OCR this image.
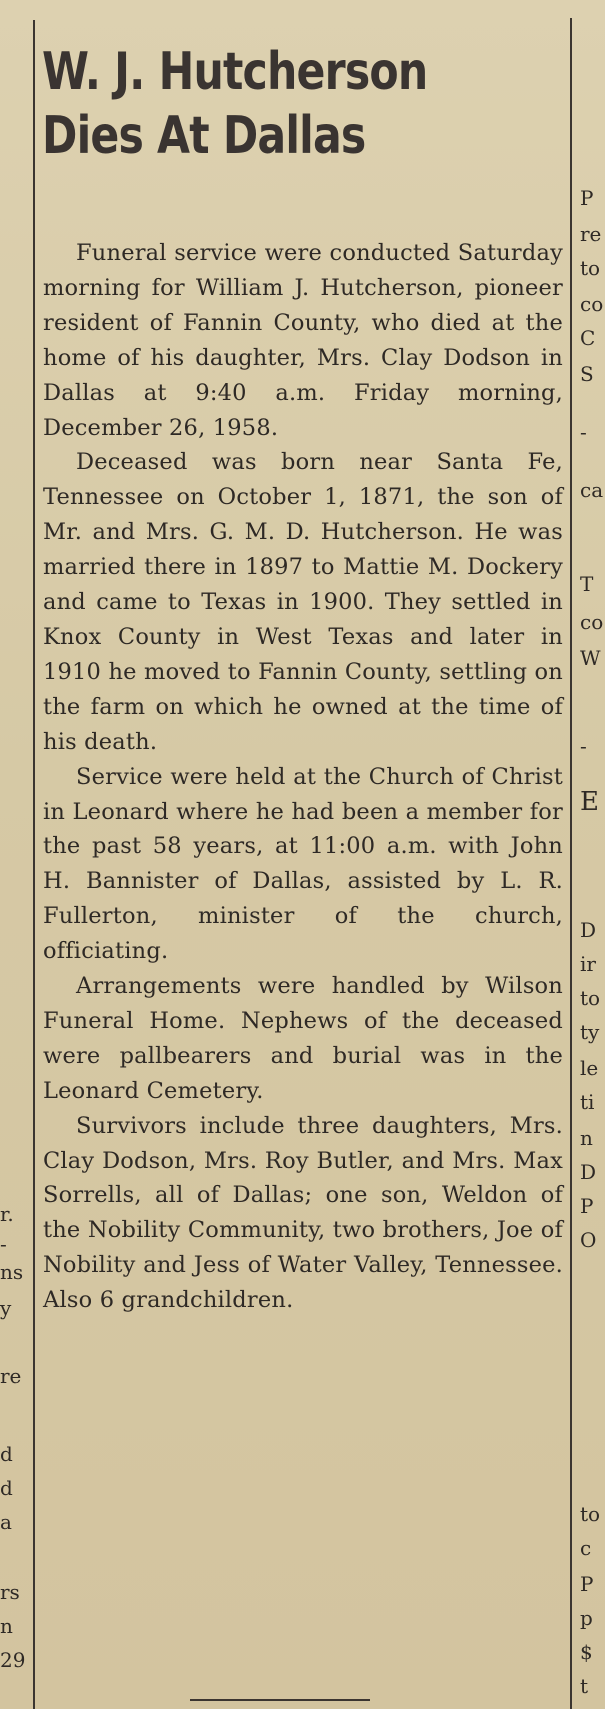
W. J. Hutcherson
Dies At Dallas

Funeral service were conducted Saturday morning for William J. Hutcherson, pioneer resident of Fannin County, who died at the home of his daughter, Mrs. Clay Dodson in Dallas at 9:40 a.m. Friday morning, December 26, 1958.

Deceased was born near Santa Fe, Tennessee on October 1, 1871, the son of Mr. and Mrs. G. M. D. Hutcherson. He was married there in 1897 to Mattie M. Dockery and came to Texas in 1900. They settled in Knox County in West Texas and later in 1910 he moved to Fannin County, settling on the farm on which he owned at the time of his death.

Service were held at the Church of Christ in Leonard where he had been a member for the past 58 years, at 11:00 a.m. with John H. Bannister of Dallas, assisted by L. R. Fullerton, minister of the church, officiating.

Arrangements were handled by Wilson Funeral Home. Nephews of the deceased were pallbearers and burial was in the Leonard Cemetery.

Survivors include three daughters, Mrs. Clay Dodson, Mrs. Roy Butler, and Mrs. Max Sorrells, all of Dallas; one son, Weldon of the Nobility Community, two brothers, Joe of Nobility and Jess of Water Valley, Tennessee. Also 6 grandchildren.

P
re
to
co
C
S
-
ca
T
co
W
-
E
D
ir
to
ty
le
ti
n
D
P
O
to
c
P
p
$
t
r.
-
ns
y
re
d
d
a
rs
n
29
